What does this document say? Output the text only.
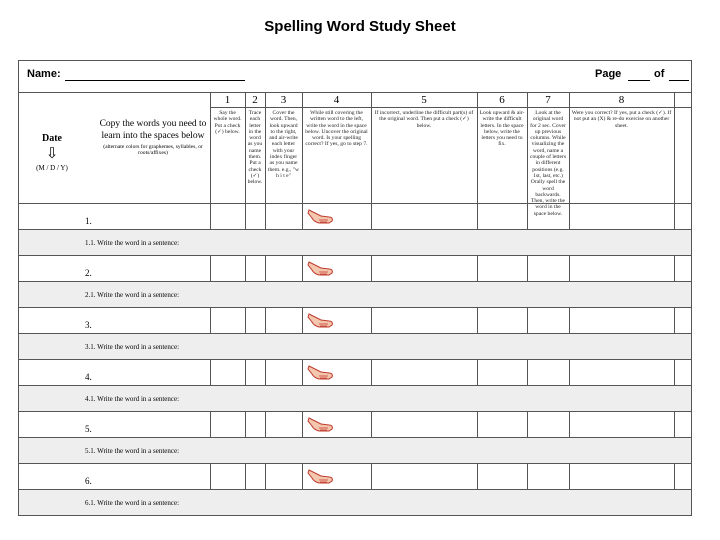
Spelling Word Study Sheet
Name:	Page	of
Date
⇩
(M / D / Y)
Copy the words you need to learn into the spaces below
(alternate colors for graphemes, syllables, or roots/affixes)
1.
1.1. Write the word in a sentence:
2.
2.1. Write the word in a sentence:
3.
3.1. Write the word in a sentence:
4.
4.1. Write the word in a sentence:
5.
5.1. Write the word in a sentence:
6.
6.1. Write the word in a sentence:
1
Say the whole word. Put a check (✓) below.
2
Trace each letter in the word as you name them. Put a check (✓) below.
3
Cover the word. Then, look upward to the right, and air-write each letter with your index finger as you name them. e.g., "w h i t e"
4
While still covering the written word to the left, write the word in the space below. Uncover the original word. Is your spelling correct? If yes, go to step 7.
5
If incorrect, underline the difficult part(s) of the original word. Then put a check (✓) below.
6
Look upward & air-write the difficult letters. In the space below, write the letters you need to fix.
7
Look at the original word for 2 sec. Cover up previous columns. While visualizing the word, name a couple of letters in different positions (e.g. 1st, last, etc.) Orally spell the word backwards. Then, write the word in the space below.
8
Were you correct? If yes, put a check (✓). If not put an (X) & re-do exercise on another sheet.
